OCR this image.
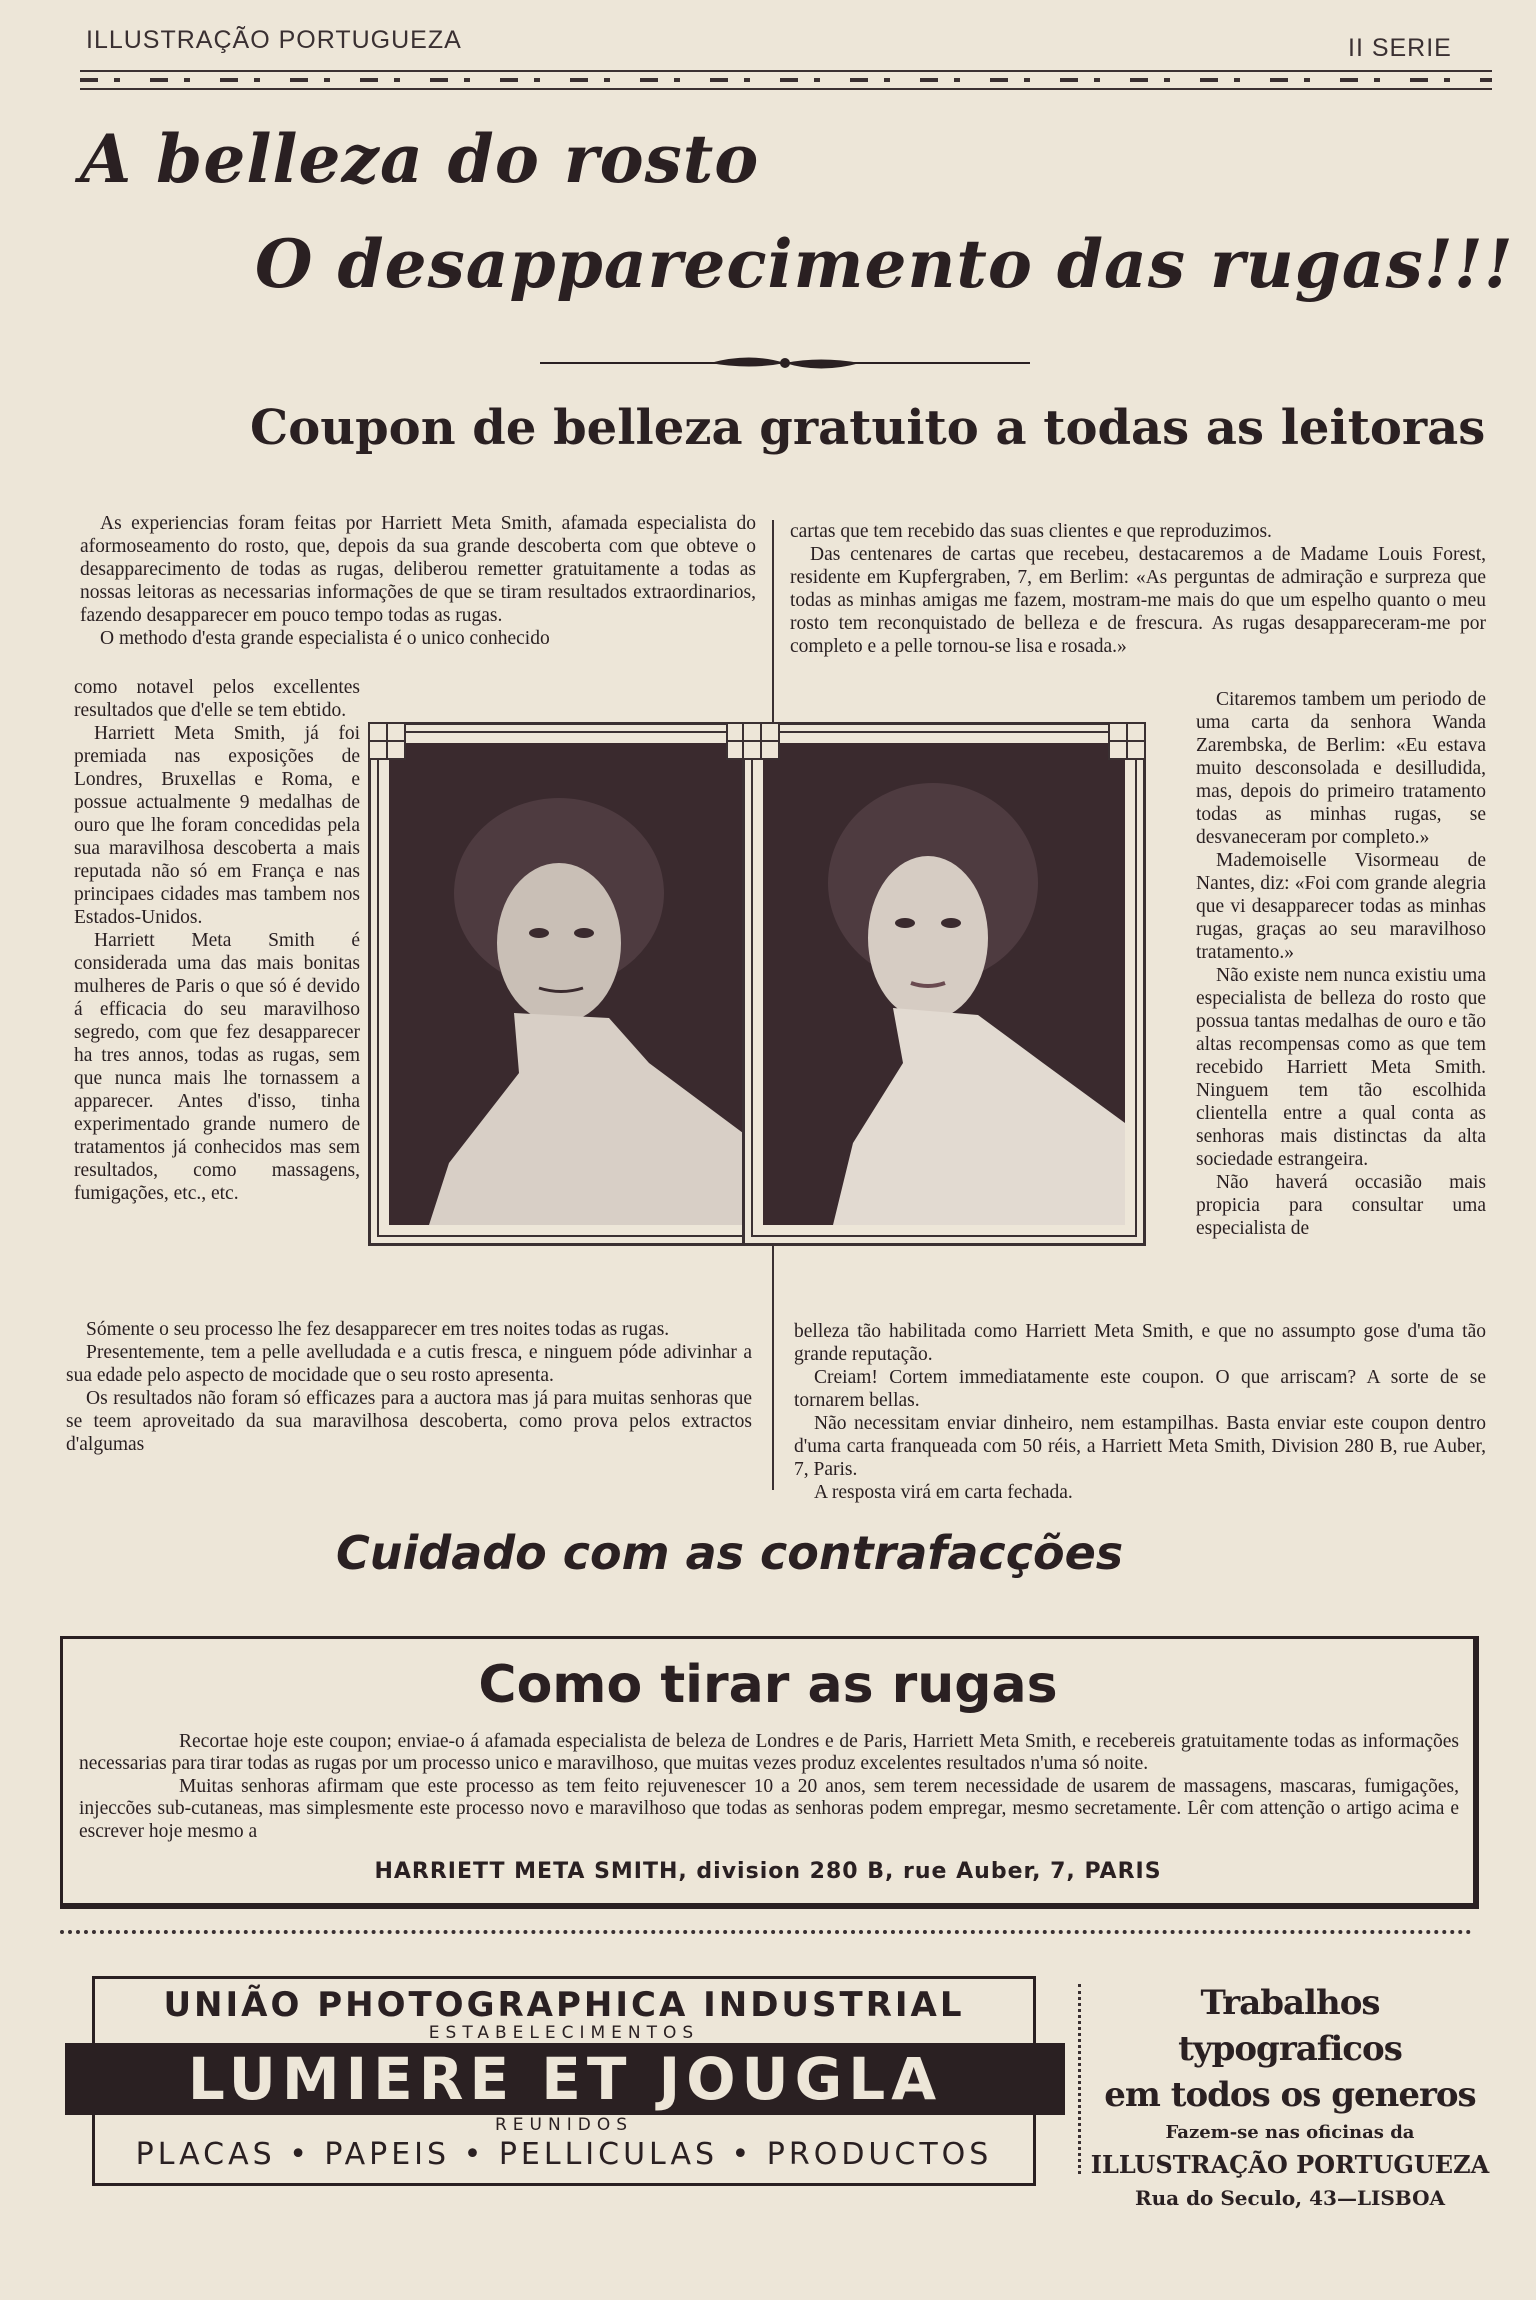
ILLUSTRAÇÃO PORTUGUEZA	II SERIE
A belleza do rosto
O desapparecimento das rugas!!!
Coupon de belleza gratuito a todas as leitoras

As experiencias foram feitas por Harriett Meta Smith, afamada especialista do aformoseamento do rosto, que, depois da sua grande descoberta com que obteve o desapparecimento de todas as rugas, deliberou remetter gratuitamente a todas as nossas leitoras as necessarias informações de que se tiram resultados extraordinarios, fazendo desapparecer em pouco tempo todas as rugas.

O methodo d'esta grande especialista é o unico conhecido

como notavel pelos excellentes resultados que d'elle se tem ebtido.

Harriett Meta Smith, já foi premiada nas exposições de Londres, Bruxellas e Roma, e possue actualmente 9 medalhas de ouro que lhe foram concedidas pela sua maravilhosa descoberta a mais reputada não só em França e nas principaes cidades mas tambem nos Estados-Unidos.

Harriett Meta Smith é considerada uma das mais bonitas mulheres de Paris o que só é devido á efficacia do seu maravilhoso segredo, com que fez desapparecer ha tres annos, todas as rugas, sem que nunca mais lhe tornassem a apparecer. Antes d'isso, tinha experimentado grande numero de tratamentos já conhecidos mas sem resultados, como massagens, fumigações, etc., etc.

Sómente o seu processo lhe fez desapparecer em tres noites todas as rugas.

Presentemente, tem a pelle avelludada e a cutis fresca, e ninguem póde adivinhar a sua edade pelo aspecto de mocidade que o seu rosto apresenta.

Os resultados não foram só efficazes para a auctora mas já para muitas senhoras que se teem aproveitado da sua maravilhosa descoberta, como prova pelos extractos d'algumas

cartas que tem recebido das suas clientes e que reproduzimos.

Das centenares de cartas que recebeu, destacaremos a de Madame Louis Forest, residente em Kupfergraben, 7, em Berlim: «As perguntas de admiração e surpreza que todas as minhas amigas me fazem, mostram-me mais do que um espelho quanto o meu rosto tem reconquistado de belleza e de frescura. As rugas desappareceram-me por completo e a pelle tornou-se lisa e rosada.»

Citaremos tambem um periodo de uma carta da senhora Wanda Zarembska, de Berlim: «Eu estava muito desconsolada e desilludida, mas, depois do primeiro tratamento todas as minhas rugas, se desvaneceram por completo.»

Mademoiselle Visormeau de Nantes, diz: «Foi com grande alegria que vi desapparecer todas as minhas rugas, graças ao seu maravilhoso tratamento.»

Não existe nem nunca existiu uma especialista de belleza do rosto que possua tantas medalhas de ouro e tão altas recompensas como as que tem recebido Harriett Meta Smith. Ninguem tem tão escolhida clientella entre a qual conta as senhoras mais distinctas da alta sociedade estrangeira.

Não haverá occasião mais propicia para consultar uma especialista de

belleza tão habilitada como Harriett Meta Smith, e que no assumpto gose d'uma tão grande reputação.

Creiam! Cortem immediatamente este coupon. O que arriscam? A sorte de se tornarem bellas.

Não necessitam enviar dinheiro, nem estampilhas. Basta enviar este coupon dentro d'uma carta franqueada com 50 réis, a Harriett Meta Smith, Division 280 B, rue Auber, 7, Paris.

A resposta virá em carta fechada.

Cuidado com as contrafacções
Como tirar as rugas

Recortae hoje este coupon; enviae-o á afamada especialista de beleza de Londres e de Paris, Harriett Meta Smith, e recebereis gratuitamente todas as informações necessarias para tirar todas as rugas por um processo unico e maravilhoso, que muitas vezes produz excelentes resultados n'uma só noite.

Muitas senhoras afirmam que este processo as tem feito rejuvenescer 10 a 20 anos, sem terem necessidade de usarem de massagens, mascaras, fumigações, injeccões sub-cutaneas, mas simplesmente este processo novo e maravilhoso que todas as senhoras podem empregar, mesmo secretamente. Lêr com attenção o artigo acima e escrever hoje mesmo a

HARRIETT META SMITH, division 280 B, rue Auber, 7, PARIS
UNIÃO PHOTOGRAPHICA INDUSTRIAL
ESTABELECIMENTOS
LUMIERE ET JOUGLA
REUNIDOS
PLACAS • PAPEIS • PELLICULAS • PRODUCTOS
Trabalhos typograficos
em todos os generos
Fazem-se nas oficinas da
ILLUSTRAÇÃO PORTUGUEZA
Rua do Seculo, 43—LISBOA
